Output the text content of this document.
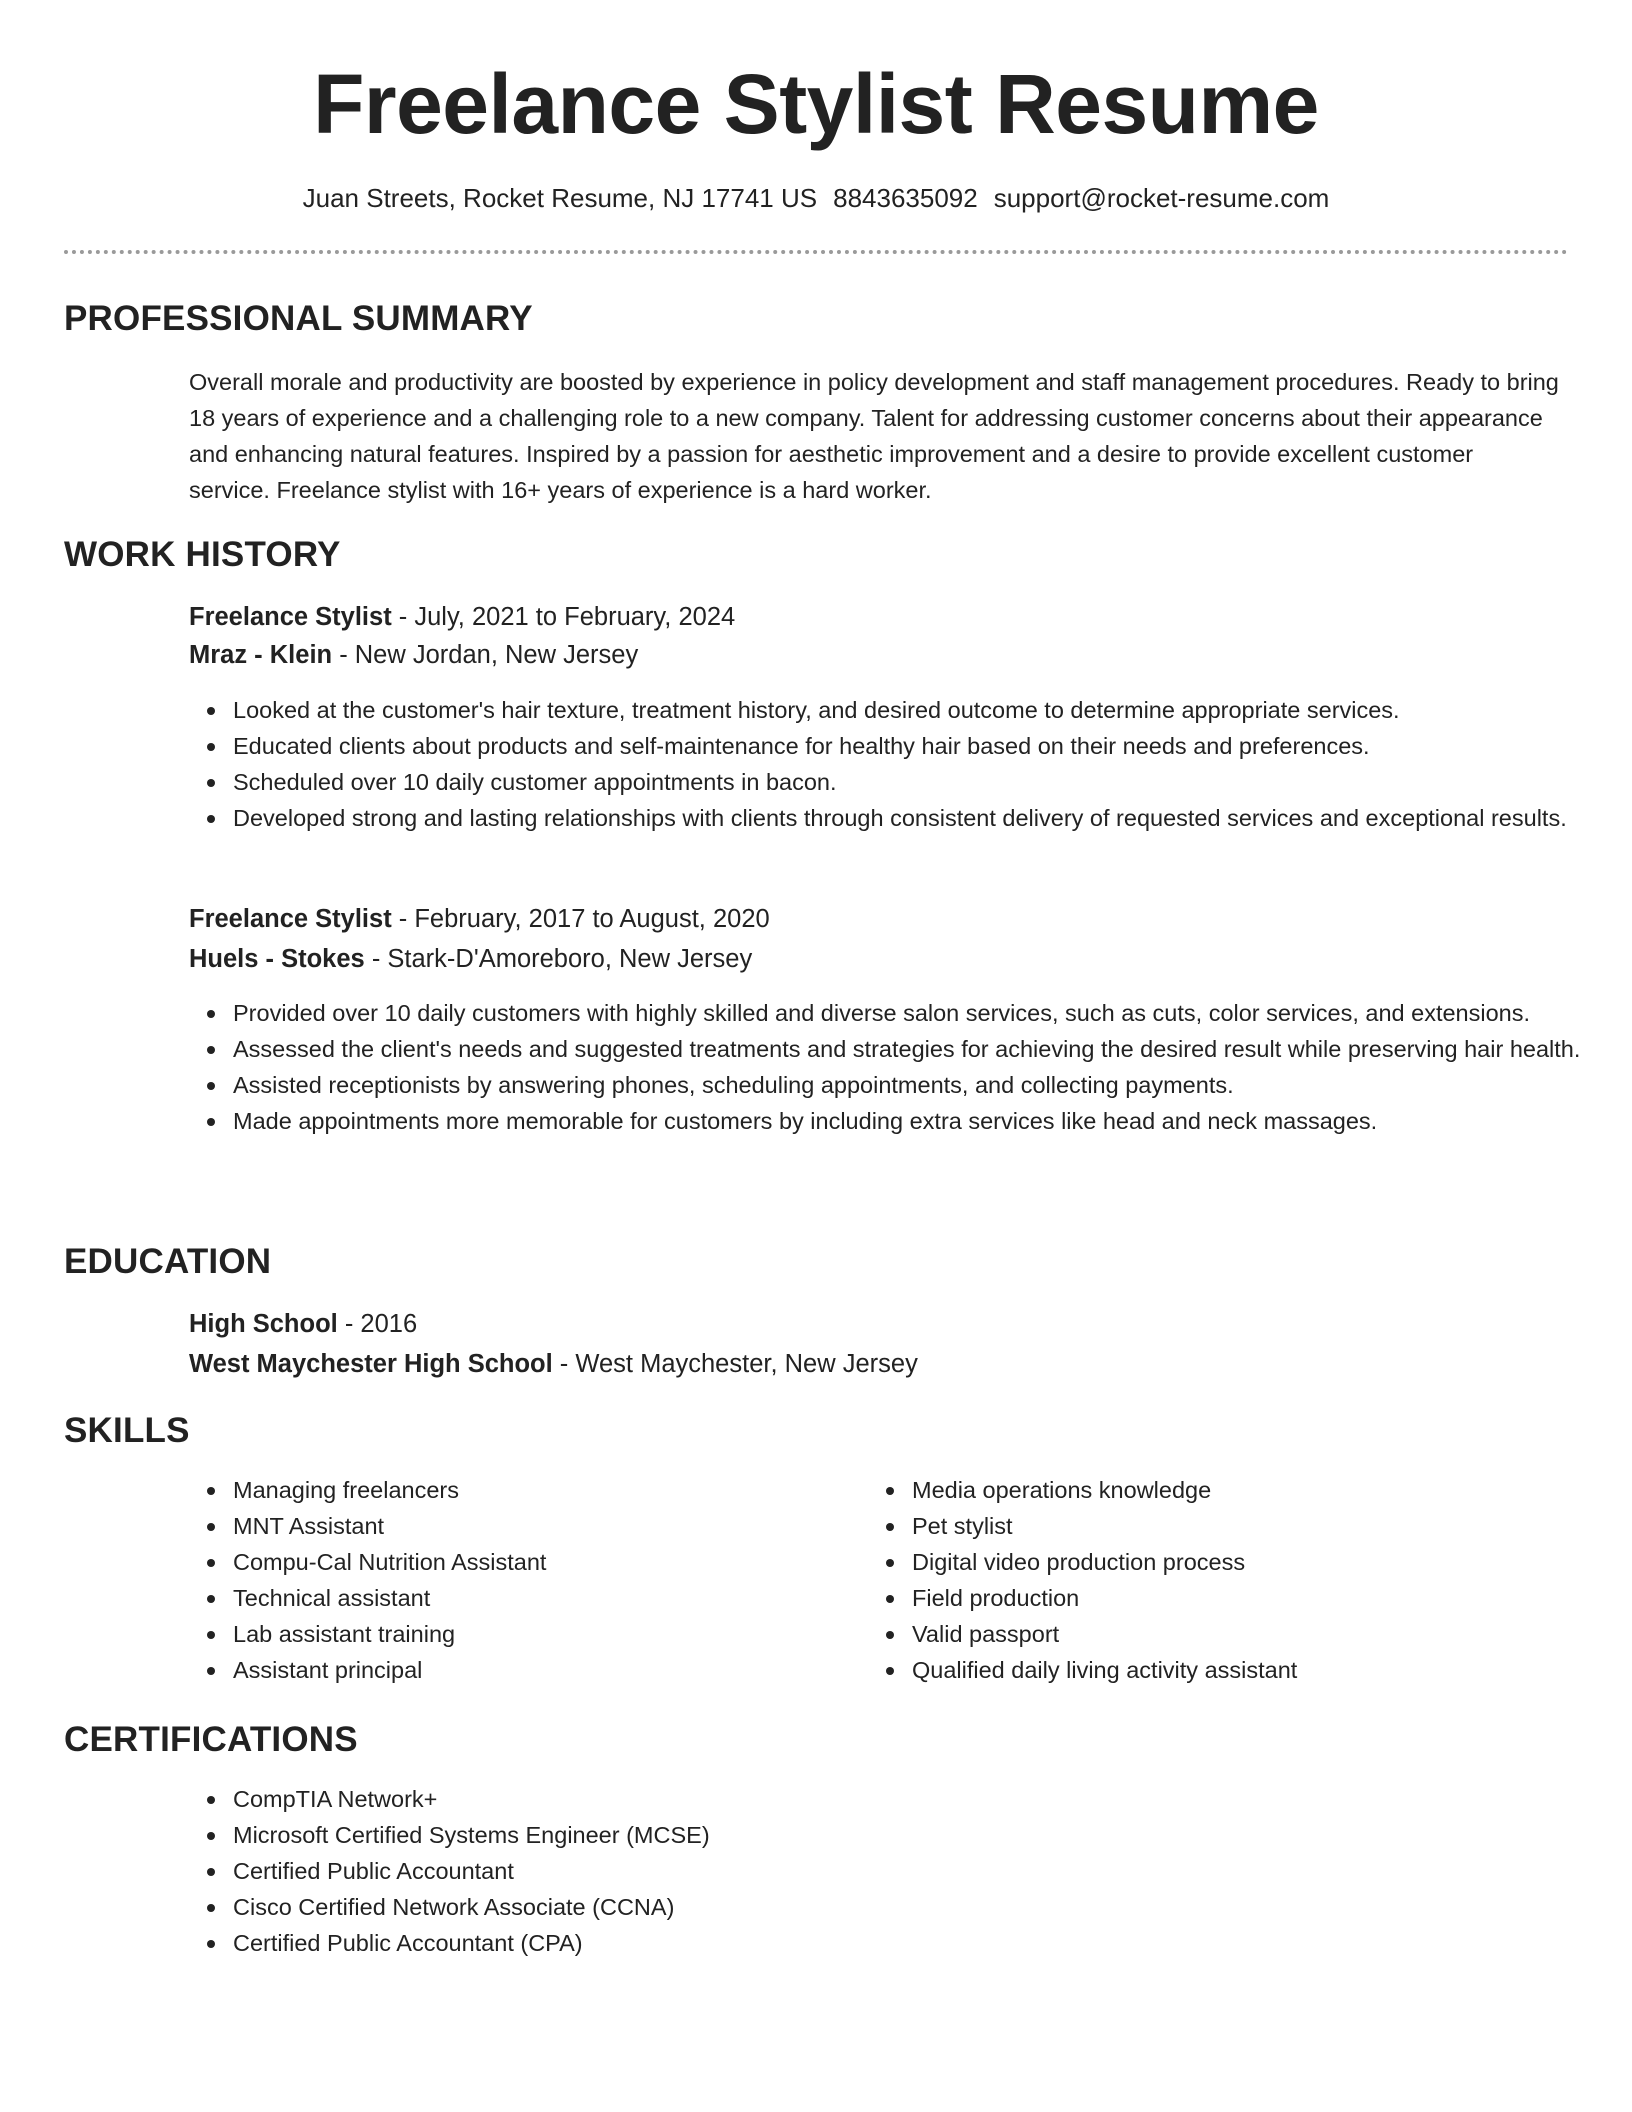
Freelance Stylist Resume
Juan Streets, Rocket Resume, NJ 17741 US 8843635092 support@rocket-resume.com
PROFESSIONAL SUMMARY

Overall morale and productivity are boosted by experience in policy development and staff management procedures. Ready to bring 18 years of experience and a challenging role to a new company. Talent for addressing customer concerns about their appearance and enhancing natural features. Inspired by a passion for aesthetic improvement and a desire to provide excellent customer service. Freelance stylist with 16+ years of experience is a hard worker.

WORK HISTORY
Freelance Stylist - July, 2021 to February, 2024
Mraz - Klein - New Jordan, New Jersey
Looked at the customer's hair texture, treatment history, and desired outcome to determine appropriate services.
Educated clients about products and self-maintenance for healthy hair based on their needs and preferences.
Scheduled over 10 daily customer appointments in bacon.
Developed strong and lasting relationships with clients through consistent delivery of requested services and exceptional results.
Freelance Stylist - February, 2017 to August, 2020
Huels - Stokes - Stark-D'Amoreboro, New Jersey
Provided over 10 daily customers with highly skilled and diverse salon services, such as cuts, color services, and extensions.
Assessed the client's needs and suggested treatments and strategies for achieving the desired result while preserving hair health.
Assisted receptionists by answering phones, scheduling appointments, and collecting payments.
Made appointments more memorable for customers by including extra services like head and neck massages.
EDUCATION
High School - 2016
West Maychester High School - West Maychester, New Jersey
SKILLS
Managing freelancers
MNT Assistant
Compu-Cal Nutrition Assistant
Technical assistant
Lab assistant training
Assistant principal
Media operations knowledge
Pet stylist
Digital video production process
Field production
Valid passport
Qualified daily living activity assistant
CERTIFICATIONS
CompTIA Network+
Microsoft Certified Systems Engineer (MCSE)
Certified Public Accountant
Cisco Certified Network Associate (CCNA)
Certified Public Accountant (CPA)
